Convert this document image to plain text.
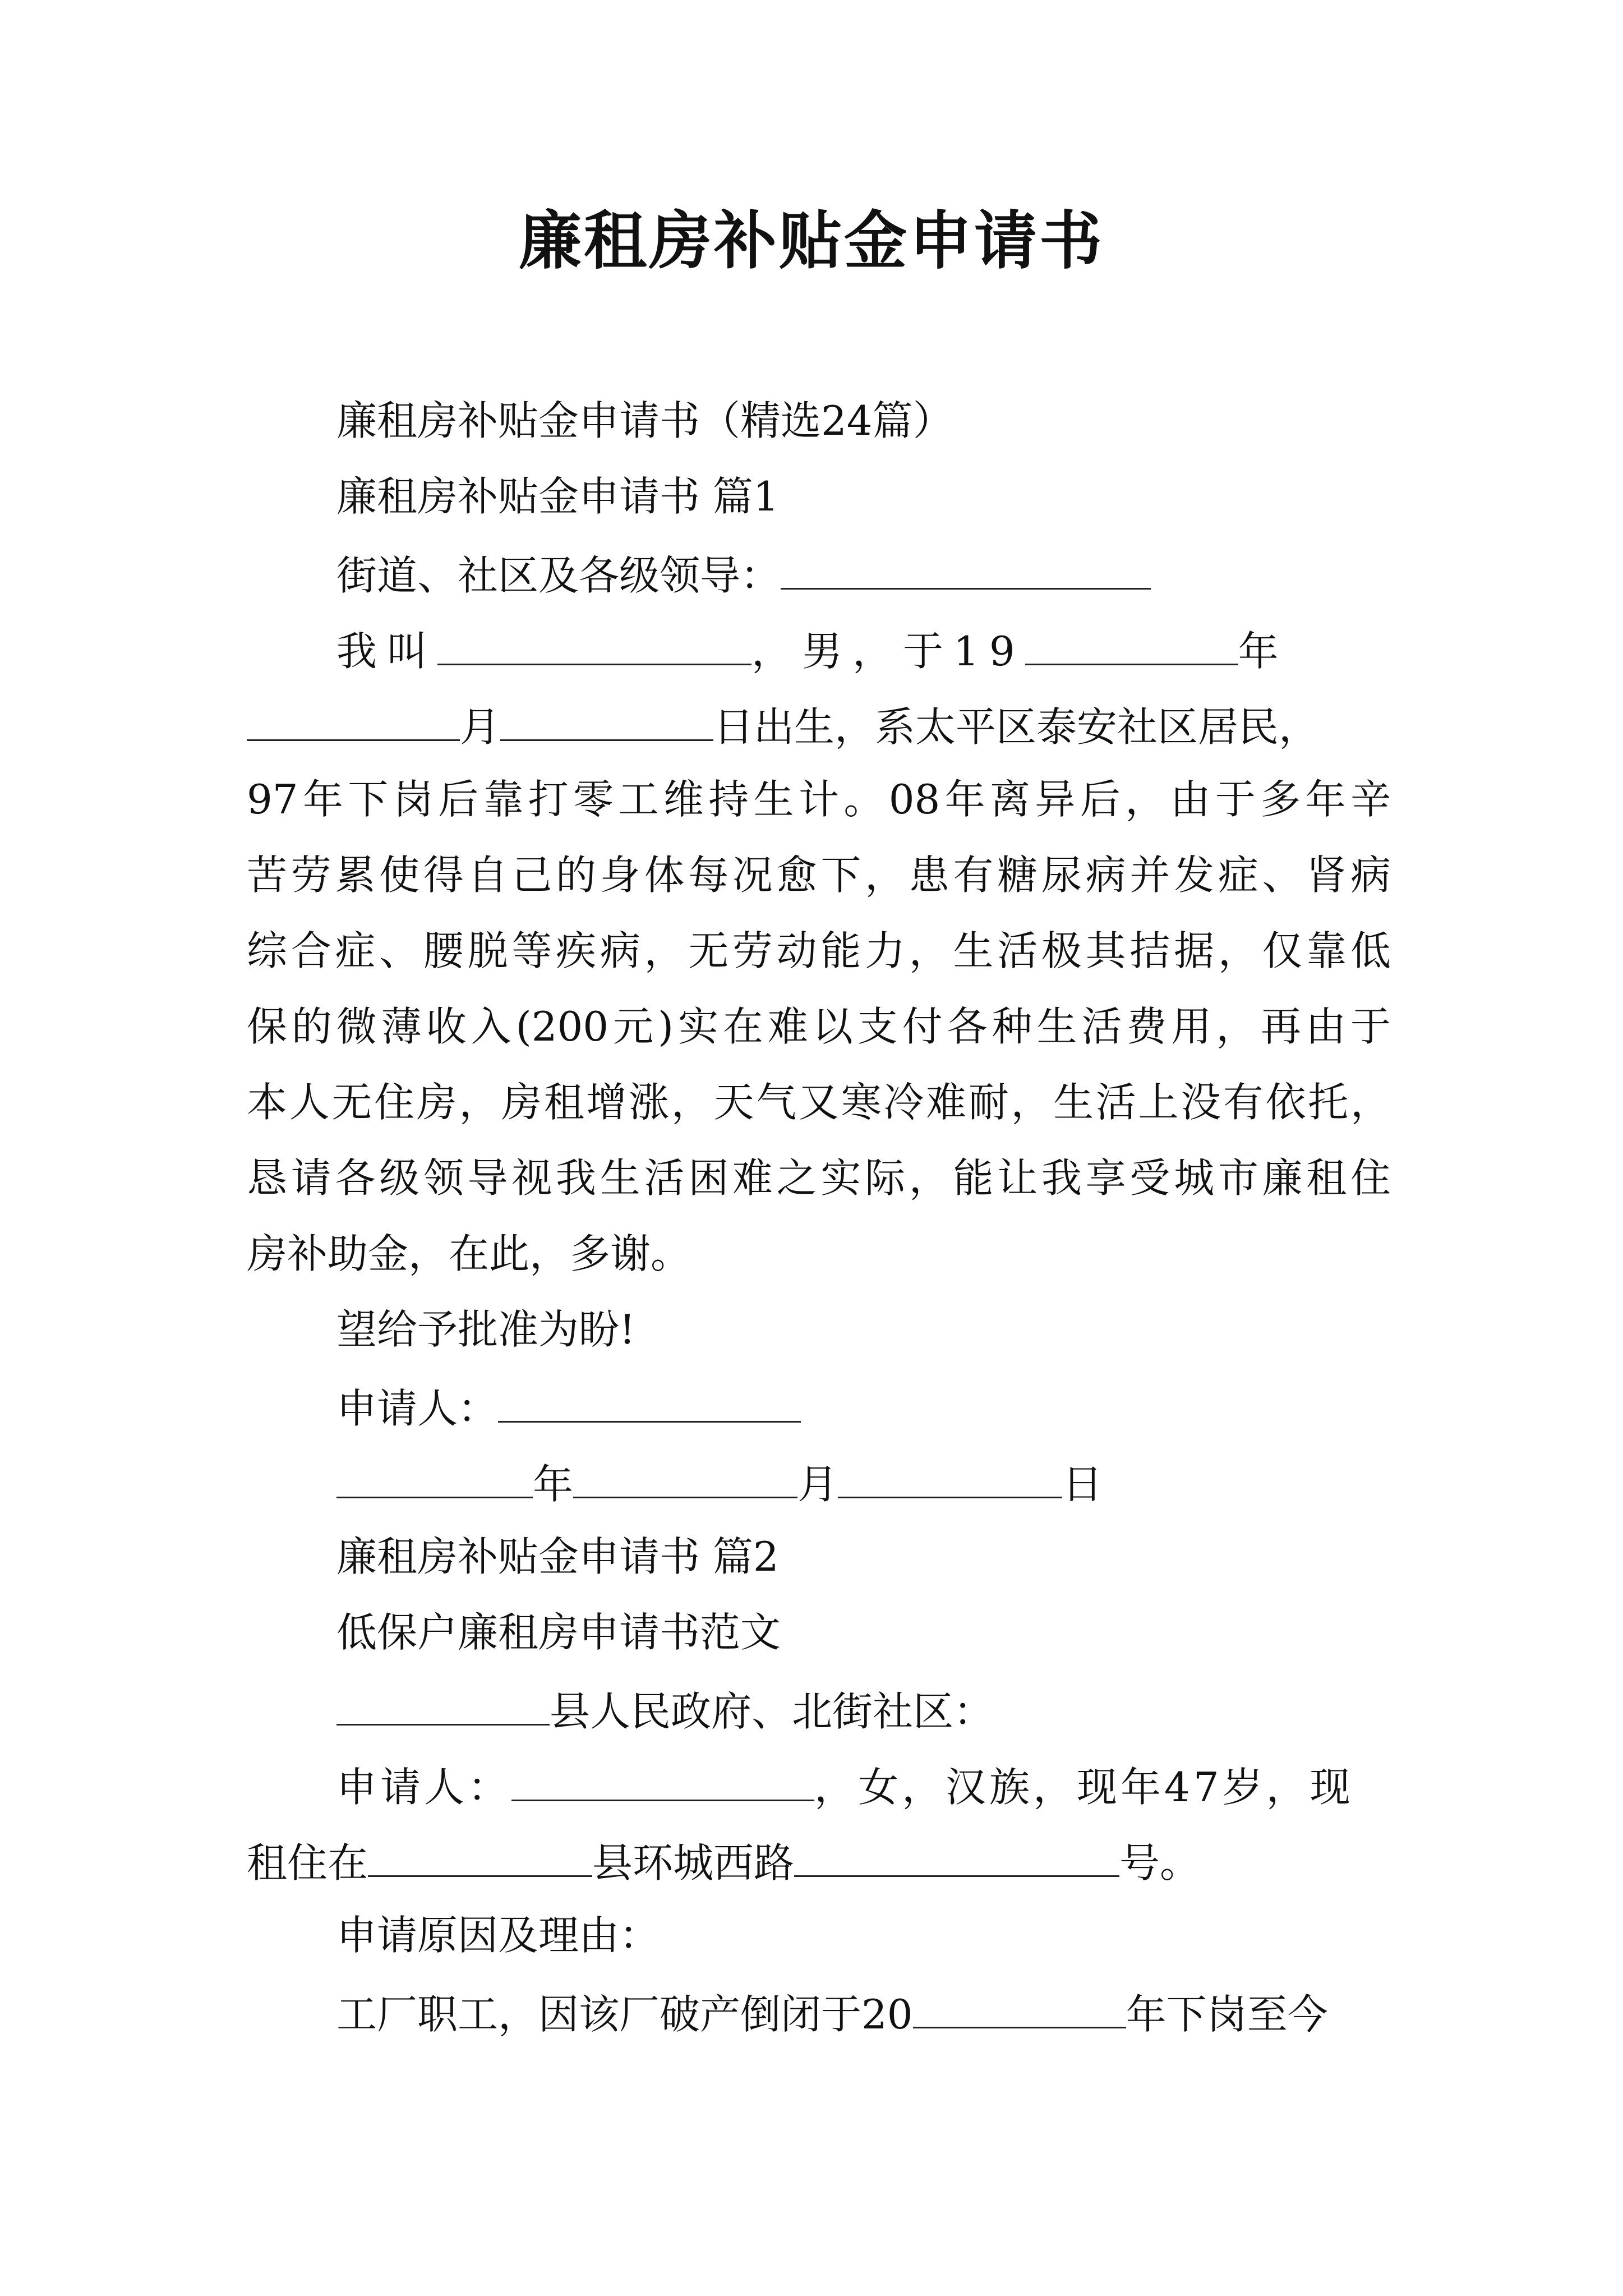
廉租房补贴金申请书
廉租房补贴金申请书（精选24篇）
廉租房补贴金申请书 篇1
街道、社区及各级领导：
我叫	，男，于19	年
月	日出生，系太平区泰安社区居民，
97年下岗后靠打零工维持生计。08年离异后，由于多年辛
苦劳累使得自己的身体每况愈下，患有糖尿病并发症、肾病
综合症、腰脱等疾病，无劳动能力，生活极其拮据，仅靠低
保的微薄收入(200元)实在难以支付各种生活费用，再由于
本人无住房，房租增涨，天气又寒冷难耐，生活上没有依托，
恳请各级领导视我生活困难之实际，能让我享受城市廉租住
房补助金，在此，多谢。
望给予批准为盼!
申请人：
年	月	日
廉租房补贴金申请书 篇2
低保户廉租房申请书范文
县人民政府、北街社区：
申请人：	，女，汉族，现年47岁，现
租住在	县环城西路	号。
申请原因及理由：
工厂职工，因该厂破产倒闭于20	年下岗至今
